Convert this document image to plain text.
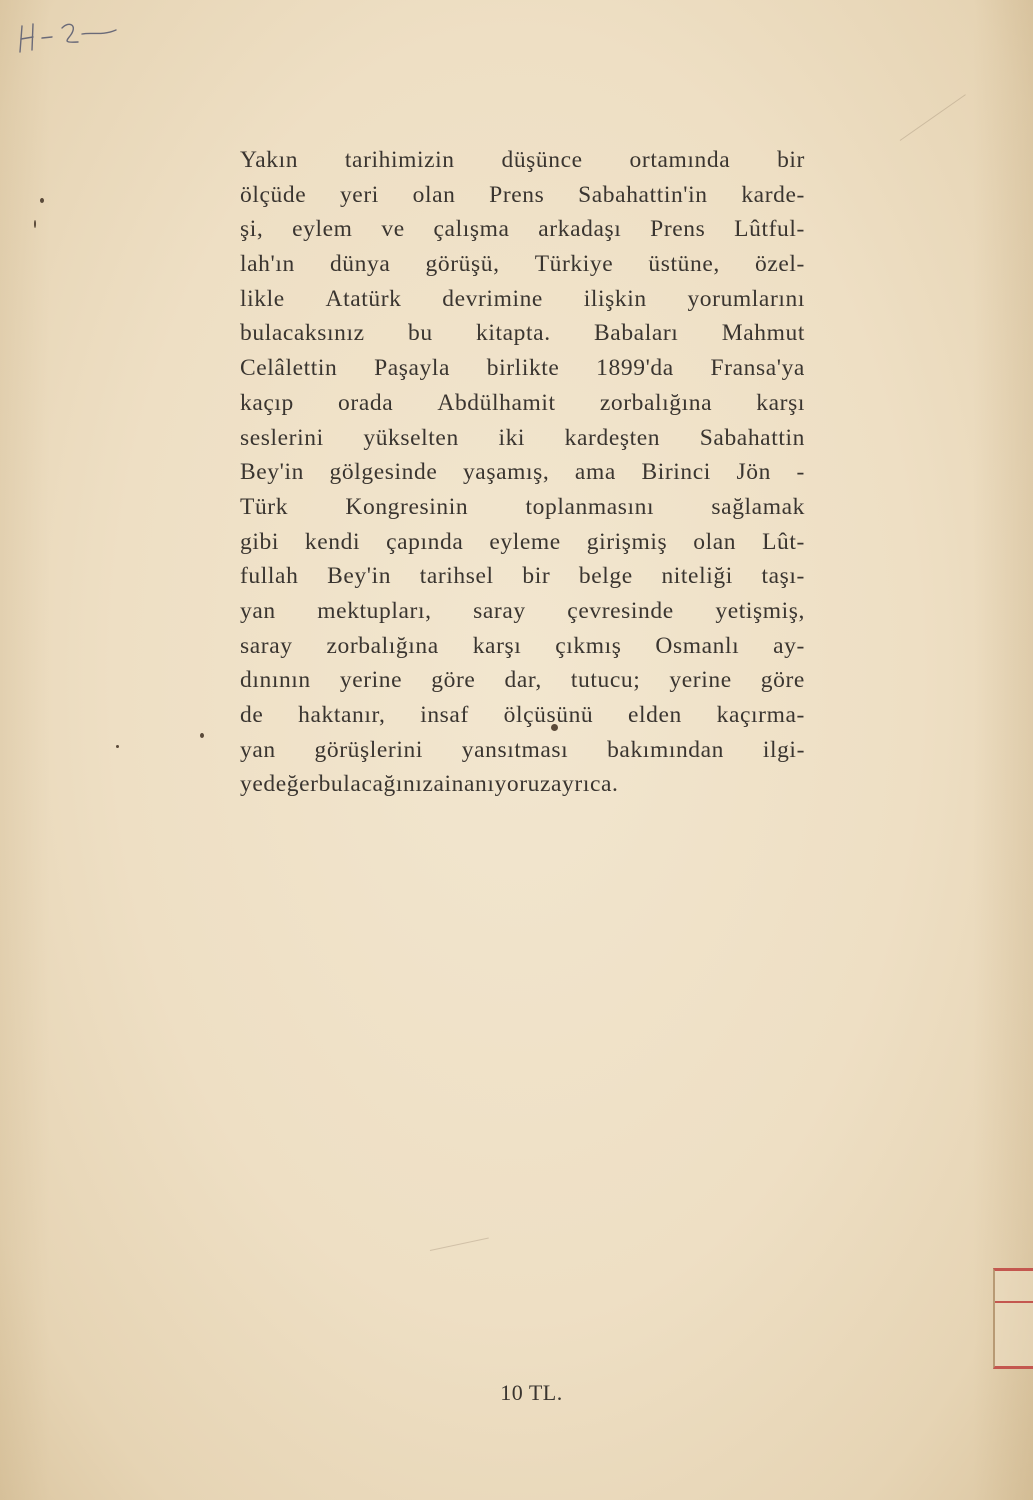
Yakın tarihimizin düşünce ortamında bir
ölçüde yeri olan Prens Sabahattin'in karde-
şi, eylem ve çalışma arkadaşı Prens Lûtful-
lah'ın dünya görüşü, Türkiye üstüne, özel-
likle Atatürk devrimine ilişkin yorumlarını
bulacaksınız bu kitapta. Babaları Mahmut
Celâlettin Paşayla birlikte 1899'da Fransa'ya
kaçıp orada Abdülhamit zorbalığına karşı
seslerini yükselten iki kardeşten Sabahattin
Bey'in gölgesinde yaşamış, ama Birinci Jön -
Türk Kongresinin toplanmasını sağlamak
gibi kendi çapında eyleme girişmiş olan Lût-
fullah Bey'in tarihsel bir belge niteliği taşı-
yan mektupları, saray çevresinde yetişmiş,
saray zorbalığına karşı çıkmış Osmanlı ay-
dınının yerine göre dar, tutucu; yerine göre
de haktanır, insaf ölçüsünü elden kaçırma-
yan görüşlerini yansıtması bakımından ilgi-
ye değer bulacağınıza inanıyoruz ayrıca.
10 TL.
